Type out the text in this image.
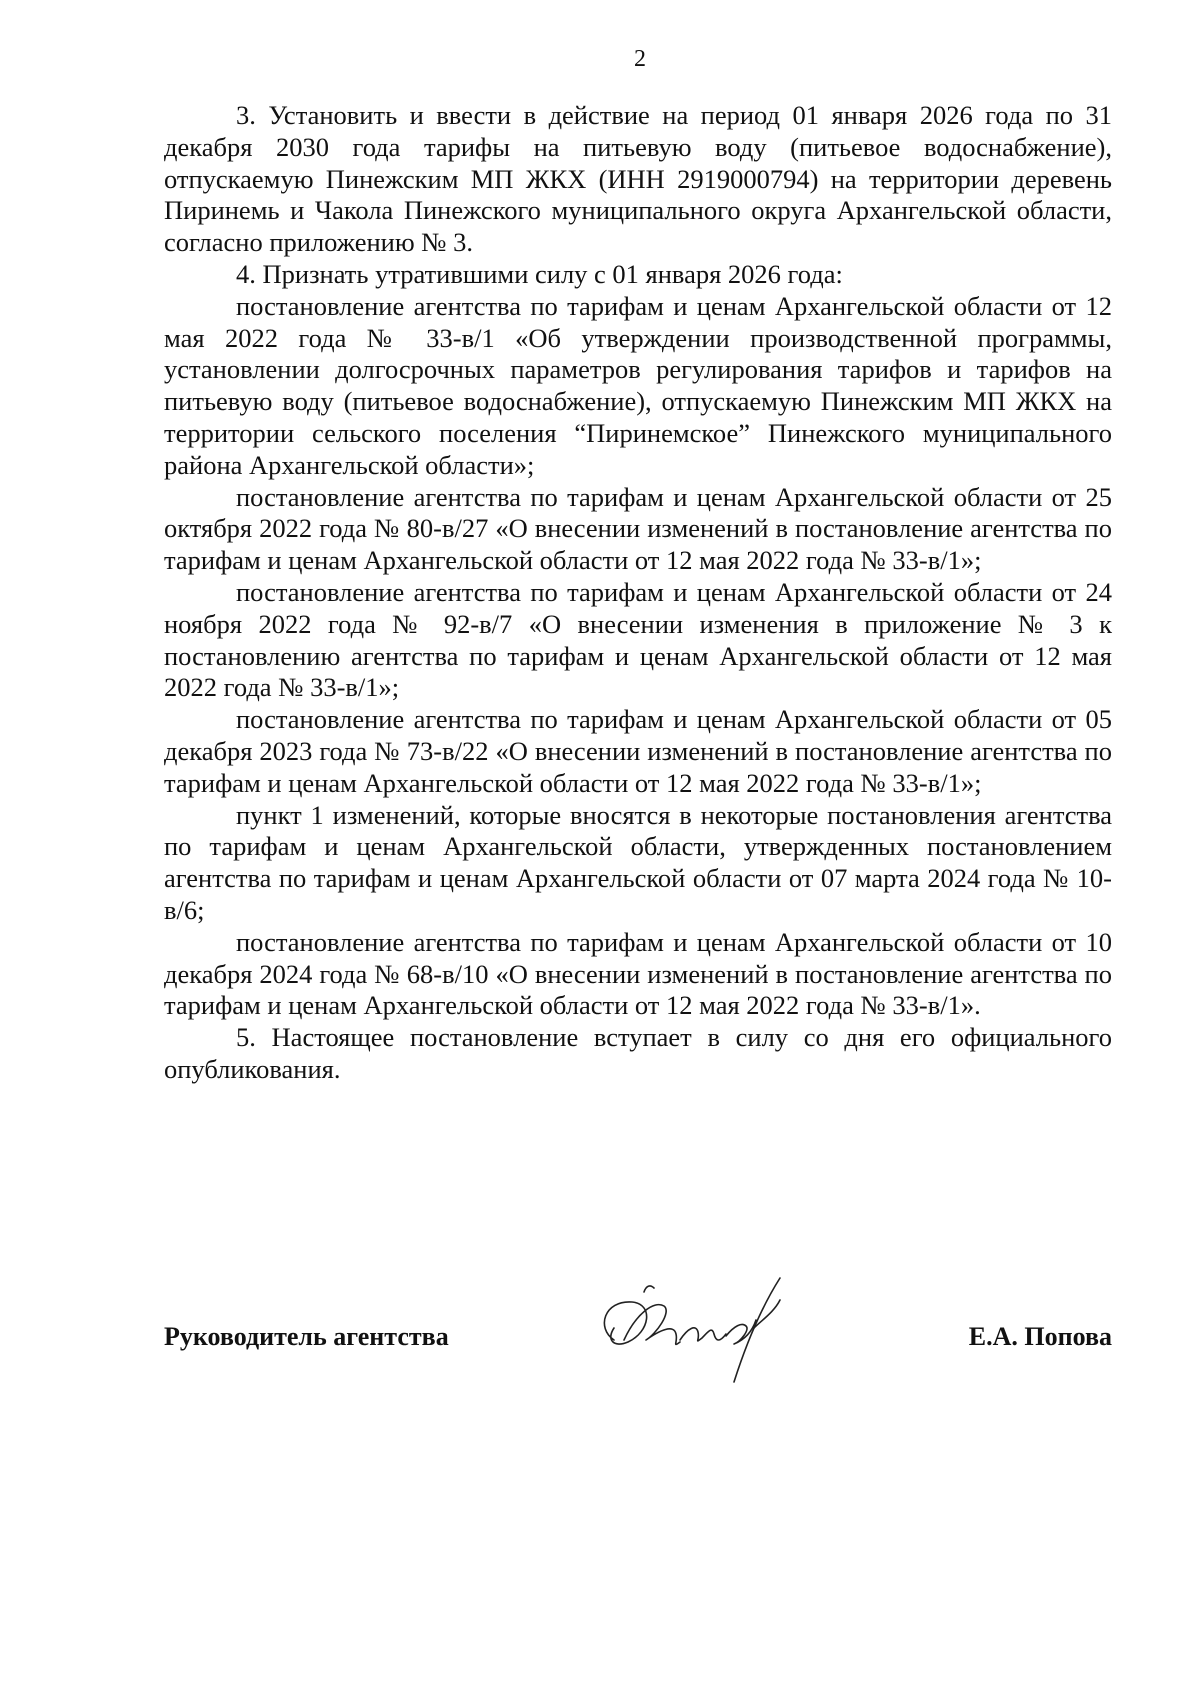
2

3. Установить и ввести в действие на период 01 января 2026 года по 31 декабря 2030 года тарифы на питьевую воду (питьевое водоснабжение), отпускаемую Пинежским МП ЖКХ (ИНН 2919000794) на территории деревень Пиринемь и Чакола Пинежского муниципального округа Архангельской области, согласно приложению № 3.

4. Признать утратившими силу с 01 января 2026 года:

постановление агентства по тарифам и ценам Архангельской области от 12 мая 2022 года № 33-в/1 «Об утверждении производственной программы, установлении долгосрочных параметров регулирования тарифов и тарифов на питьевую воду (питьевое водоснабжение), отпускаемую Пинежским МП ЖКХ на территории сельского поселения “Пиринемское” Пинежского муниципального района Архангельской области»;

постановление агентства по тарифам и ценам Архангельской области от 25 октября 2022 года № 80-в/27 «О внесении изменений в постановление агентства по тарифам и ценам Архангельской области от 12 мая 2022 года № 33-в/1»;

постановление агентства по тарифам и ценам Архангельской области от 24 ноября 2022 года № 92-в/7 «О внесении изменения в приложение № 3 к постановлению агентства по тарифам и ценам Архангельской области от 12 мая 2022 года № 33-в/1»;

постановление агентства по тарифам и ценам Архангельской области от 05 декабря 2023 года № 73-в/22 «О внесении изменений в постановление агентства по тарифам и ценам Архангельской области от 12 мая 2022 года № 33-в/1»;

пункт 1 изменений, которые вносятся в некоторые постановления агентства по тарифам и ценам Архангельской области, утвержденных постановлением агентства по тарифам и ценам Архангельской области от 07 марта 2024 года № 10-в/6;

постановление агентства по тарифам и ценам Архангельской области от 10 декабря 2024 года № 68-в/10 «О внесении изменений в постановление агентства по тарифам и ценам Архангельской области от 12 мая 2022 года № 33-в/1».

5. Настоящее постановление вступает в силу со дня его официального опубликования.

Руководитель агентства	Е.А. Попова
